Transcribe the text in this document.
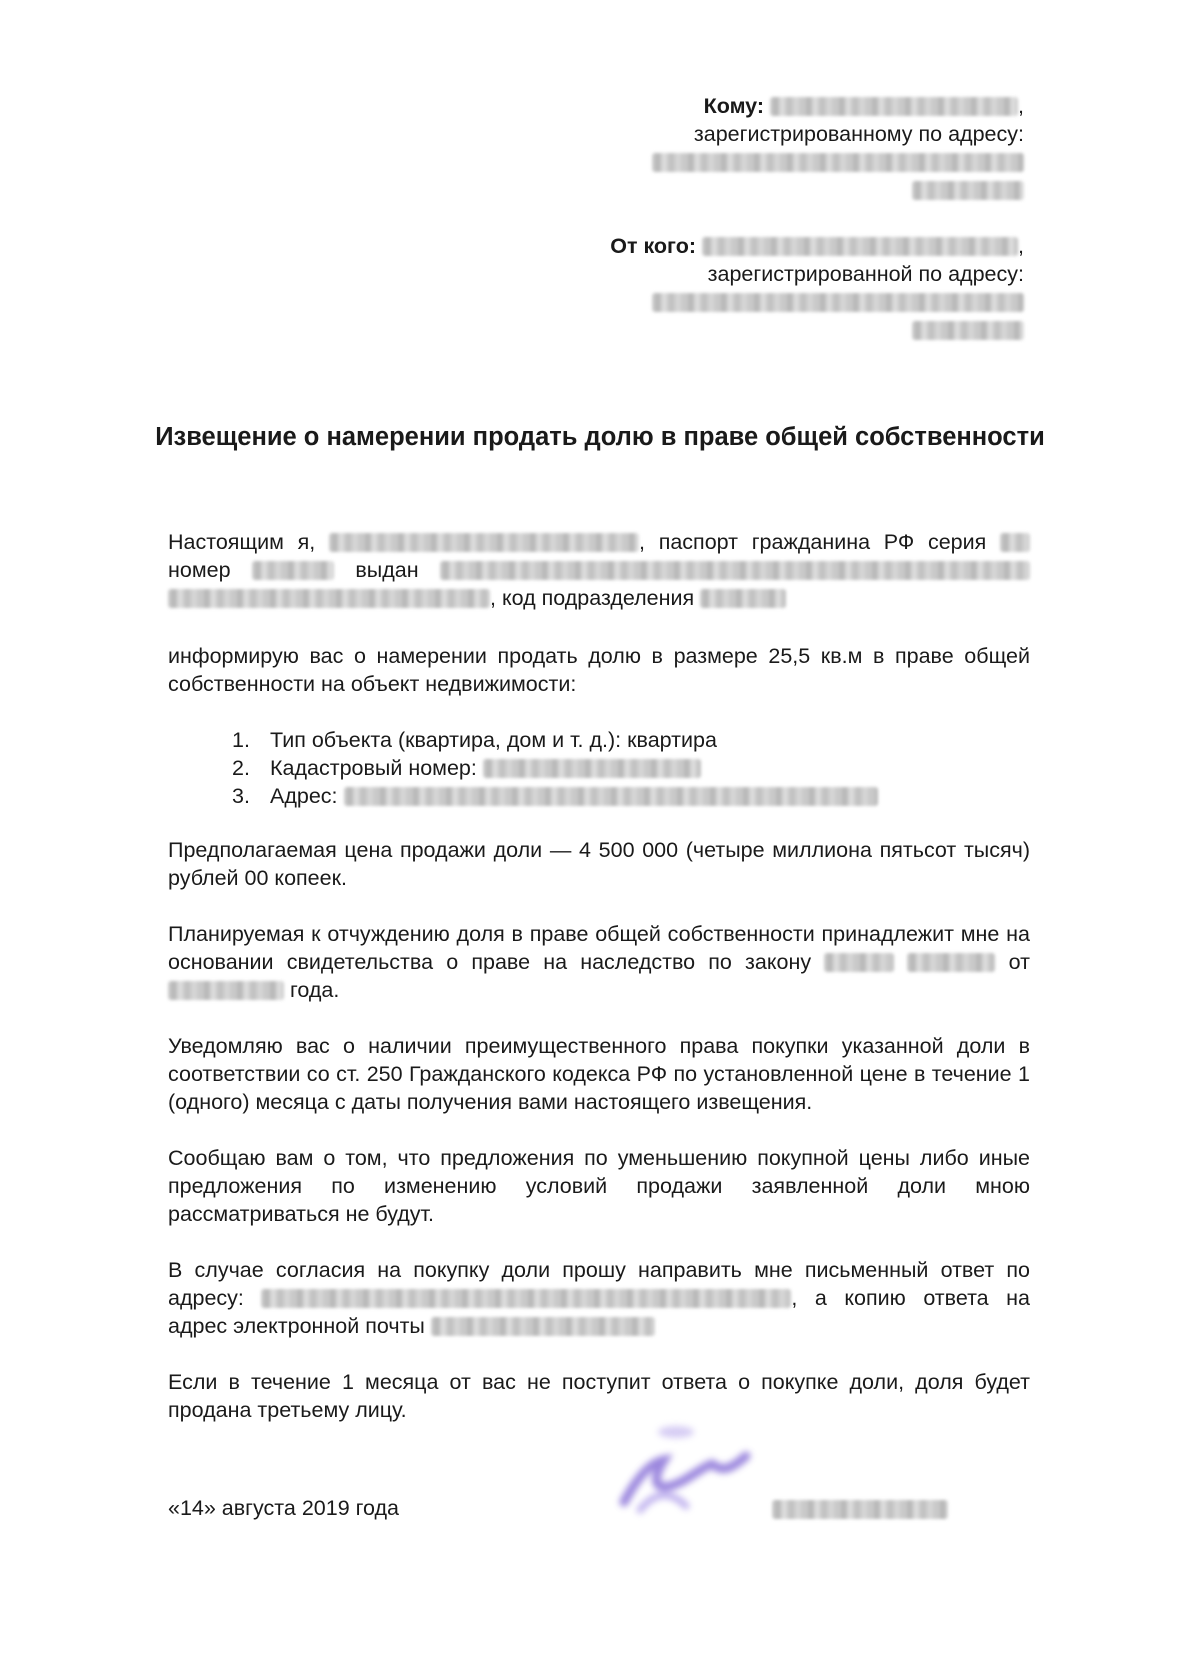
Кому:	,
зарегистрированному по адресу:
От кого:	,
зарегистрированной по адресу:
Извещение о намерении продать долю в праве общей собственности
Настоящим я,	, паспорт гражданина РФ серия  номер	выдан  , код подразделения
информирую вас о намерении продать долю в размере 25,5 кв.м в праве общей собственности на объект недвижимости:
1. Тип объекта (квартира, дом и т. д.): квартира
2. Кадастровый номер:
3. Адрес:
Предполагаемая цена продажи доли — 4 500 000 (четыре миллиона пятьсот тысяч) рублей 00 копеек.
Планируемая к отчуждению доля в праве общей собственности принадлежит мне на основании свидетельства о праве на наследство по закону	от  года.
Уведомляю вас о наличии преимущественного права покупки указанной доли в соответствии со ст. 250 Гражданского кодекса РФ по установленной цене в течение 1 (одного) месяца с даты получения вами настоящего извещения.
Сообщаю вам о том, что предложения по уменьшению покупной цены либо иные предложения по изменению условий продажи заявленной доли мною рассматриваться не будут.
В случае согласия на покупку доли прошу направить мне письменный ответ по адресу:	, а копию ответа на адрес электронной почты
Если в течение 1 месяца от вас не поступит ответа о покупке доли, доля будет продана третьему лицу.
«14» августа 2019 года
